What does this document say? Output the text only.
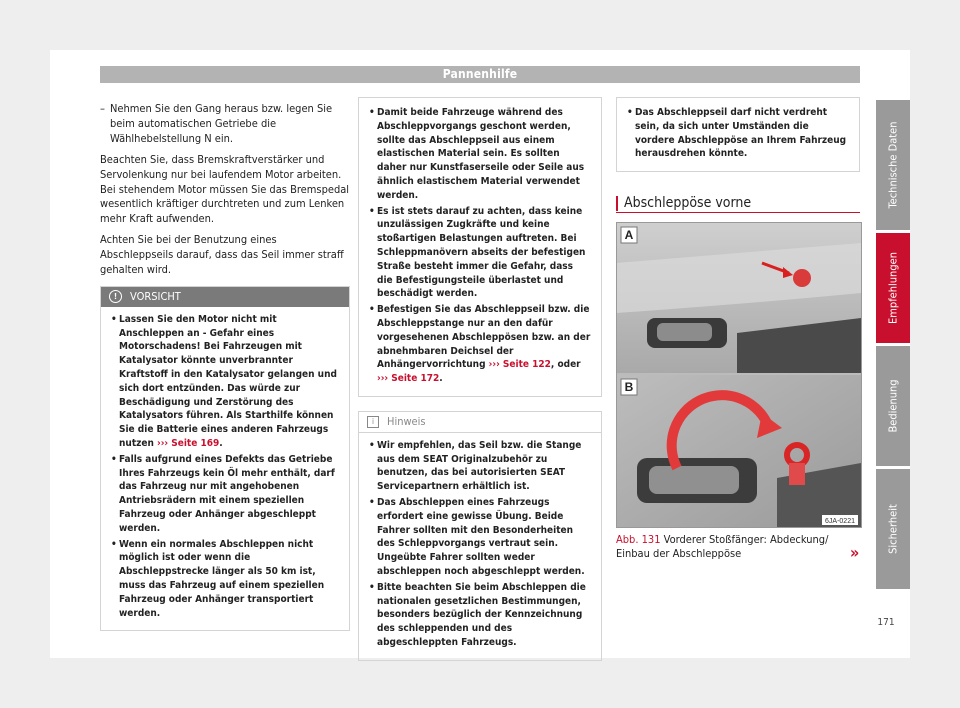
Pannenhilfe

– Nehmen Sie den Gang heraus bzw. legen Sie beim automatischen Getriebe die Wählhebelstellung N ein.

Beachten Sie, dass Bremskraftverstärker und Servolenkung nur bei laufendem Motor arbeiten. Bei stehendem Motor müssen Sie das Bremspedal wesentlich kräftiger durchtreten und zum Lenken mehr Kraft aufwenden.

Achten Sie bei der Benutzung eines Abschleppseils darauf, dass das Seil immer straff gehalten wird.

!	VORSICHT

• Lassen Sie den Motor nicht mit Anschleppen an - Gefahr eines Motorschadens! Bei Fahrzeugen mit Katalysator könnte unverbrannter Kraftstoff in den Katalysator gelangen und sich dort entzünden. Das würde zur Beschädigung und Zerstörung des Katalysators führen. Als Starthilfe können Sie die Batterie eines anderen Fahrzeugs nutzen ››› Seite 169.

• Falls aufgrund eines Defekts das Getriebe Ihres Fahrzeugs kein Öl mehr enthält, darf das Fahrzeug nur mit angehobenen Antriebsrädern mit einem speziellen Fahrzeug oder Anhänger abgeschleppt werden.

• Wenn ein normales Abschleppen nicht möglich ist oder wenn die Abschleppstrecke länger als 50 km ist, muss das Fahrzeug auf einem speziellen Fahrzeug oder Anhänger transportiert werden.

• Damit beide Fahrzeuge während des Abschleppvorgangs geschont werden, sollte das Abschleppseil aus einem elastischen Material sein. Es sollten daher nur Kunstfaserseile oder Seile aus ähnlich elastischem Material verwendet werden.

• Es ist stets darauf zu achten, dass keine unzulässigen Zugkräfte und keine stoßartigen Belastungen auftreten. Bei Schleppmanövern abseits der befestigen Straße besteht immer die Gefahr, dass die Befestigungsteile überlastet und beschädigt werden.

• Befestigen Sie das Abschleppseil bzw. die Abschleppstange nur an den dafür vorgesehenen Abschleppösen bzw. an der abnehmbaren Deichsel der Anhängervorrichtung ››› Seite 122, oder ››› Seite 172.

i	Hinweis

• Wir empfehlen, das Seil bzw. die Stange aus dem SEAT Originalzubehör zu benutzen, das bei autorisierten SEAT Servicepartnern erhältlich ist.

• Das Abschleppen eines Fahrzeugs erfordert eine gewisse Übung. Beide Fahrer sollten mit den Besonderheiten des Schleppvorgangs vertraut sein. Ungeübte Fahrer sollten weder abschleppen noch abgeschleppt werden.

• Bitte beachten Sie beim Abschleppen die nationalen gesetzlichen Bestimmungen, besonders bezüglich der Kennzeichnung des schleppenden und des abgeschleppten Fahrzeugs.

• Das Abschleppseil darf nicht verdreht sein, da sich unter Umständen die vordere Abschleppöse an Ihrem Fahrzeug herausdrehen könnte.

Abschleppöse vorne
A
B
6JA-0221
Abb. 131 Vorderer Stoßfänger: Abdeckung/ Einbau der Abschleppöse	»
Technische Daten
Empfehlungen
Bedienung
Sicherheit
171
